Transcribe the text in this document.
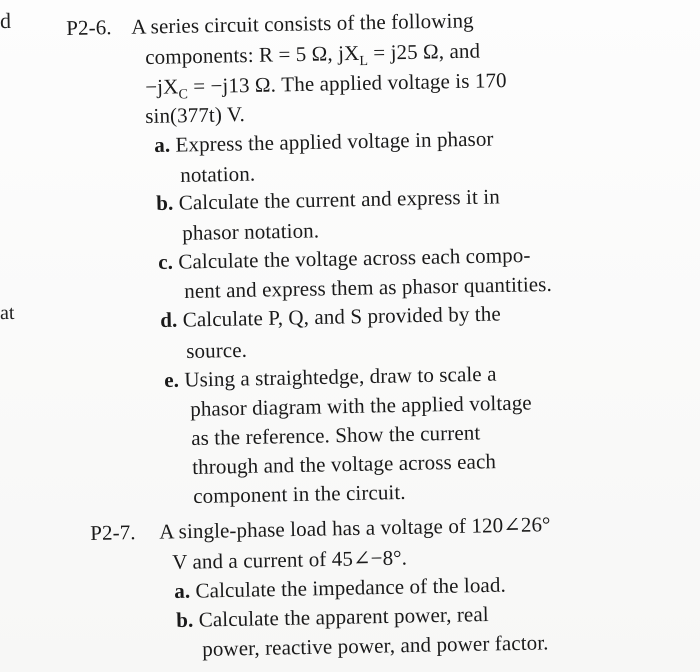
d
at
P2-6. A series circuit consists of the following
components: R = 5 Ω, $jX_L = j25$ Ω, and
$-jX_C = -j13$ Ω. The applied voltage is 170
sin(377t) V.
a. Express the applied voltage in phasor
notation.
b. Calculate the current and express it in
phasor notation.
c. Calculate the voltage across each compo-
nent and express them as phasor quantities.
d. Calculate P, Q, and S provided by the
source.
e. Using a straightedge, draw to scale a
phasor diagram with the applied voltage
as the reference. Show the current
through and the voltage across each
component in the circuit.
P2-7. A single-phase load has a voltage of 120∠26°
V and a current of 45∠−8°.
a. Calculate the impedance of the load.
b. Calculate the apparent power, real
power, reactive power, and power factor.
